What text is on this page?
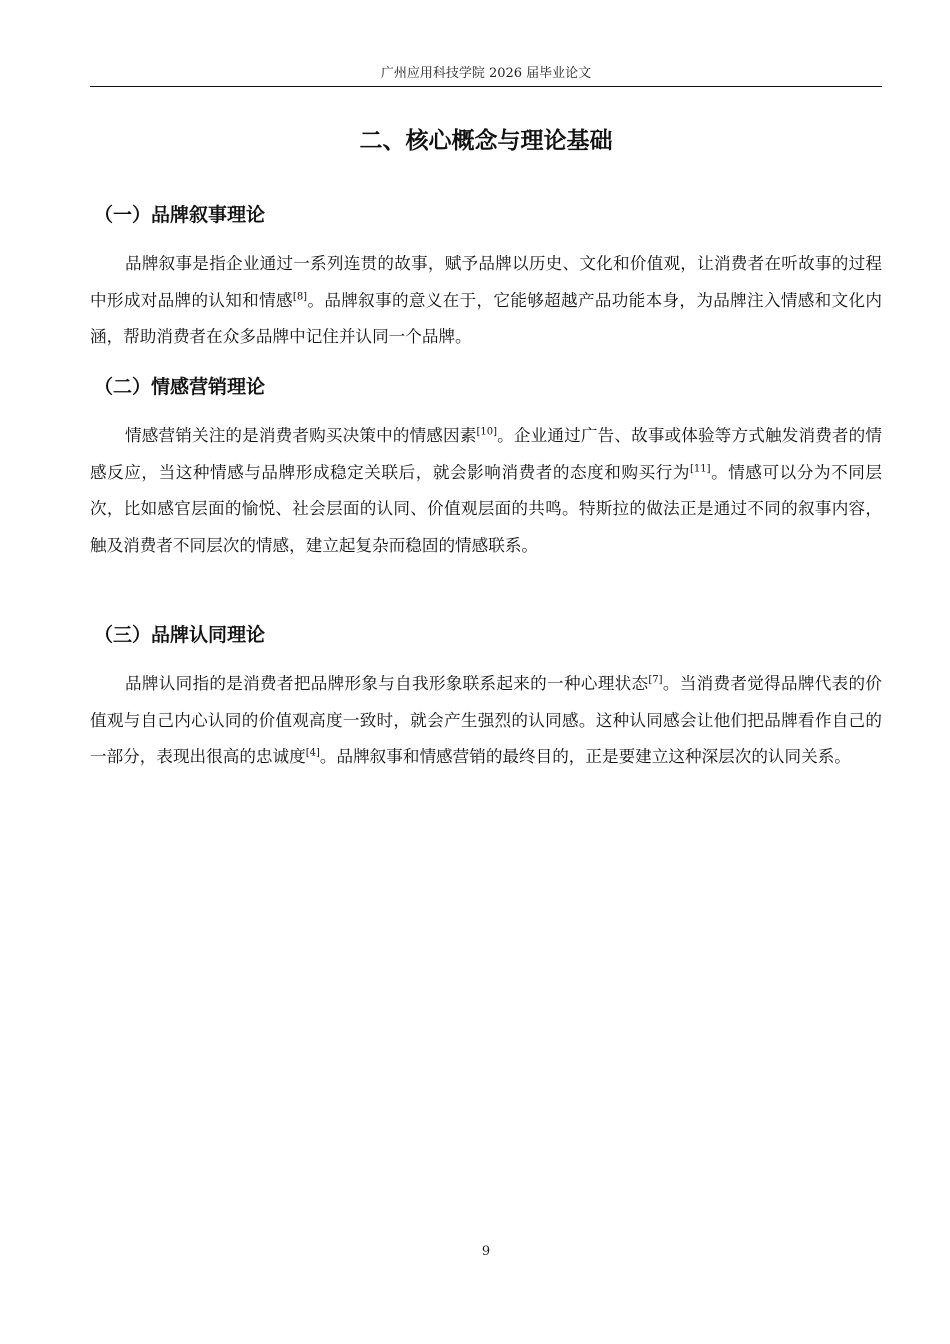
广州应用科技学院 2026 届毕业论文
二、核心概念与理论基础
（一）品牌叙事理论

品牌叙事是指企业通过一系列连贯的故事，赋予品牌以历史、文化和价值观，让消费者在听故事的过程中形成对品牌的认知和情感[8]。品牌叙事的意义在于，它能够超越产品功能本身，为品牌注入情感和文化内涵，帮助消费者在众多品牌中记住并认同一个品牌。

（二）情感营销理论

情感营销关注的是消费者购买决策中的情感因素[10]。企业通过广告、故事或体验等方式触发消费者的情感反应，当这种情感与品牌形成稳定关联后，就会影响消费者的态度和购买行为[11]。情感可以分为不同层次，比如感官层面的愉悦、社会层面的认同、价值观层面的共鸣。特斯拉的做法正是通过不同的叙事内容，触及消费者不同层次的情感，建立起复杂而稳固的情感联系。

（三）品牌认同理论

品牌认同指的是消费者把品牌形象与自我形象联系起来的一种心理状态[7]。当消费者觉得品牌代表的价值观与自己内心认同的价值观高度一致时，就会产生强烈的认同感。这种认同感会让他们把品牌看作自己的一部分，表现出很高的忠诚度[4]。品牌叙事和情感营销的最终目的，正是要建立这种深层次的认同关系。

9
